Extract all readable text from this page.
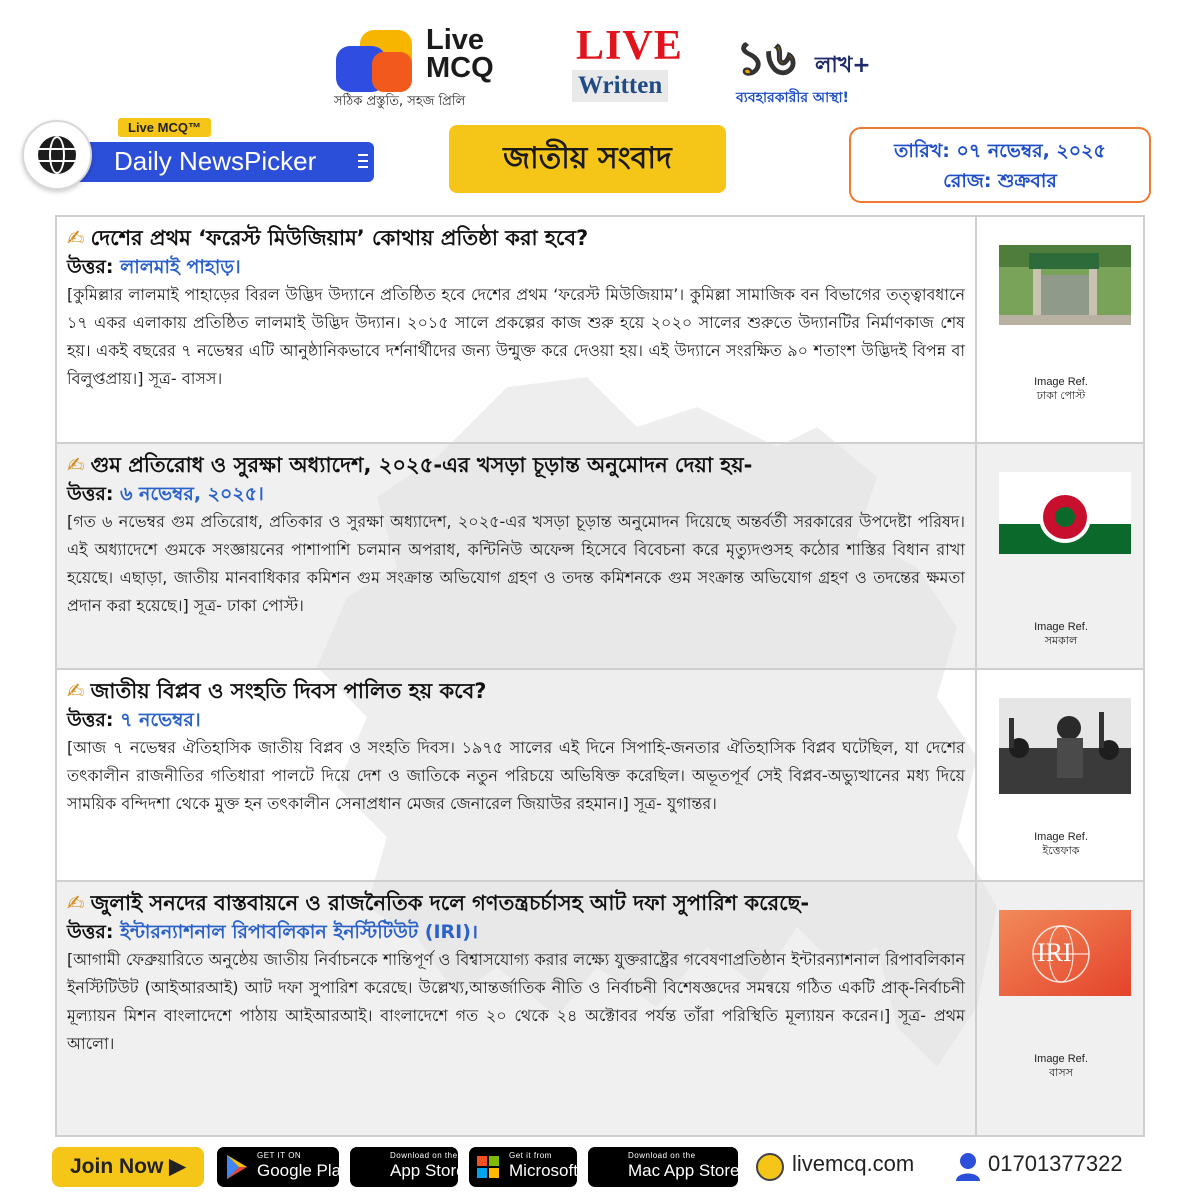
Live
MCQ
সঠিক প্রস্তুতি, সহজ প্রিলি
LIVE
Written
১৬ লাখ+
ব্যবহারকারীর আস্থা!
Live MCQ™
Daily NewsPicker	জাতীয় সংবাদ	তারিখ: ০৭ নভেম্বর, ২০২৫
রোজ: শুক্রবার
✍ দেশের প্রথম ‘ফরেস্ট মিউজিয়াম’ কোথায় প্রতিষ্ঠা করা হবে?
উত্তর: লালমাই পাহাড়।
[কুমিল্লার লালমাই পাহাড়ের বিরল উদ্ভিদ উদ্যানে প্রতিষ্ঠিত হবে দেশের প্রথম ‘ফরেস্ট মিউজিয়াম’। কুমিল্লা সামাজিক বন বিভাগের তত্ত্বাবধানে ১৭ একর এলাকায় প্রতিষ্ঠিত লালমাই উদ্ভিদ উদ্যান। ২০১৫ সালে প্রকল্পের কাজ শুরু হয়ে ২০২০ সালের শুরুতে উদ্যানটির নির্মাণকাজ শেষ হয়। একই বছরের ৭ নভেম্বর এটি আনুষ্ঠানিকভাবে দর্শনার্থীদের জন্য উন্মুক্ত করে দেওয়া হয়। এই উদ্যানে সংরক্ষিত ৯০ শতাংশ উদ্ভিদই বিপন্ন বা বিলুপ্তপ্রায়।] সূত্র- বাসস।	Image Ref.
ঢাকা পোস্ট
✍ গুম প্রতিরোধ ও সুরক্ষা অধ্যাদেশ, ২০২৫-এর খসড়া চূড়ান্ত অনুমোদন দেয়া হয়-
উত্তর: ৬ নভেম্বর, ২০২৫।
[গত ৬ নভেম্বর গুম প্রতিরোধ, প্রতিকার ও সুরক্ষা অধ্যাদেশ, ২০২৫-এর খসড়া চূড়ান্ত অনুমোদন দিয়েছে অন্তর্বর্তী সরকারের উপদেষ্টা পরিষদ। এই অধ্যাদেশে গুমকে সংজ্ঞায়নের পাশাপাশি চলমান অপরাধ, কন্টিনিউ অফেন্স হিসেবে বিবেচনা করে মৃত্যুদণ্ডসহ কঠোর শাস্তির বিধান রাখা হয়েছে। এছাড়া, জাতীয় মানবাধিকার কমিশন গুম সংক্রান্ত অভিযোগ গ্রহণ ও তদন্ত কমিশনকে গুম সংক্রান্ত অভিযোগ গ্রহণ ও তদন্তের ক্ষমতা প্রদান করা হয়েছে।] সূত্র- ঢাকা পোস্ট।
Image Ref.
সমকাল
✍ জাতীয় বিপ্লব ও সংহতি দিবস পালিত হয় কবে?
উত্তর: ৭ নভেম্বর।
[আজ ৭ নভেম্বর ঐতিহাসিক জাতীয় বিপ্লব ও সংহতি দিবস। ১৯৭৫ সালের এই দিনে সিপাহি-জনতার ঐতিহাসিক বিপ্লব ঘটেছিল, যা দেশের তৎকালীন রাজনীতির গতিধারা পালটে দিয়ে দেশ ও জাতিকে নতুন পরিচয়ে অভিষিক্ত করেছিল। অভূতপূর্ব সেই বিপ্লব-অভ্যুত্থানের মধ্য দিয়ে সাময়িক বন্দিদশা থেকে মুক্ত হন তৎকালীন সেনাপ্রধান মেজর জেনারেল জিয়াউর রহমান।] সূত্র- যুগান্তর।
Image Ref.
ইত্তেফাক
✍ জুলাই সনদের বাস্তবায়নে ও রাজনৈতিক দলে গণতন্ত্রচর্চাসহ আট দফা সুপারিশ করেছে-
উত্তর: ইন্টারন্যাশনাল রিপাবলিকান ইনস্টিটিউট (IRI)।
[আগামী ফেব্রুয়ারিতে অনুষ্ঠেয় জাতীয় নির্বাচনকে শান্তিপূর্ণ ও বিশ্বাসযোগ্য করার লক্ষ্যে যুক্তরাষ্ট্রের গবেষণাপ্রতিষ্ঠান ইন্টারন্যাশনাল রিপাবলিকান ইনস্টিটিউট (আইআরআই) আট দফা সুপারিশ করেছে। উল্লেখ্য,আন্তর্জাতিক নীতি ও নির্বাচনী বিশেষজ্ঞদের সমন্বয়ে গঠিত একটি প্রাক্-নির্বাচনী মূল্যায়ন মিশন বাংলাদেশে পাঠায় আইআরআই। বাংলাদেশে গত ২০ থেকে ২৪ অক্টোবর পর্যন্ত তাঁরা পরিস্থিতি মূল্যায়ন করেন।] সূত্র- প্রথম আলো।
IRI
Image Ref.
বাসস
Join Now ▶	GET IT ON
Google Play
Download on the
App Store
Get it from
Microsoft
Download on the
Mac App Store livemcq.com	01701377322
